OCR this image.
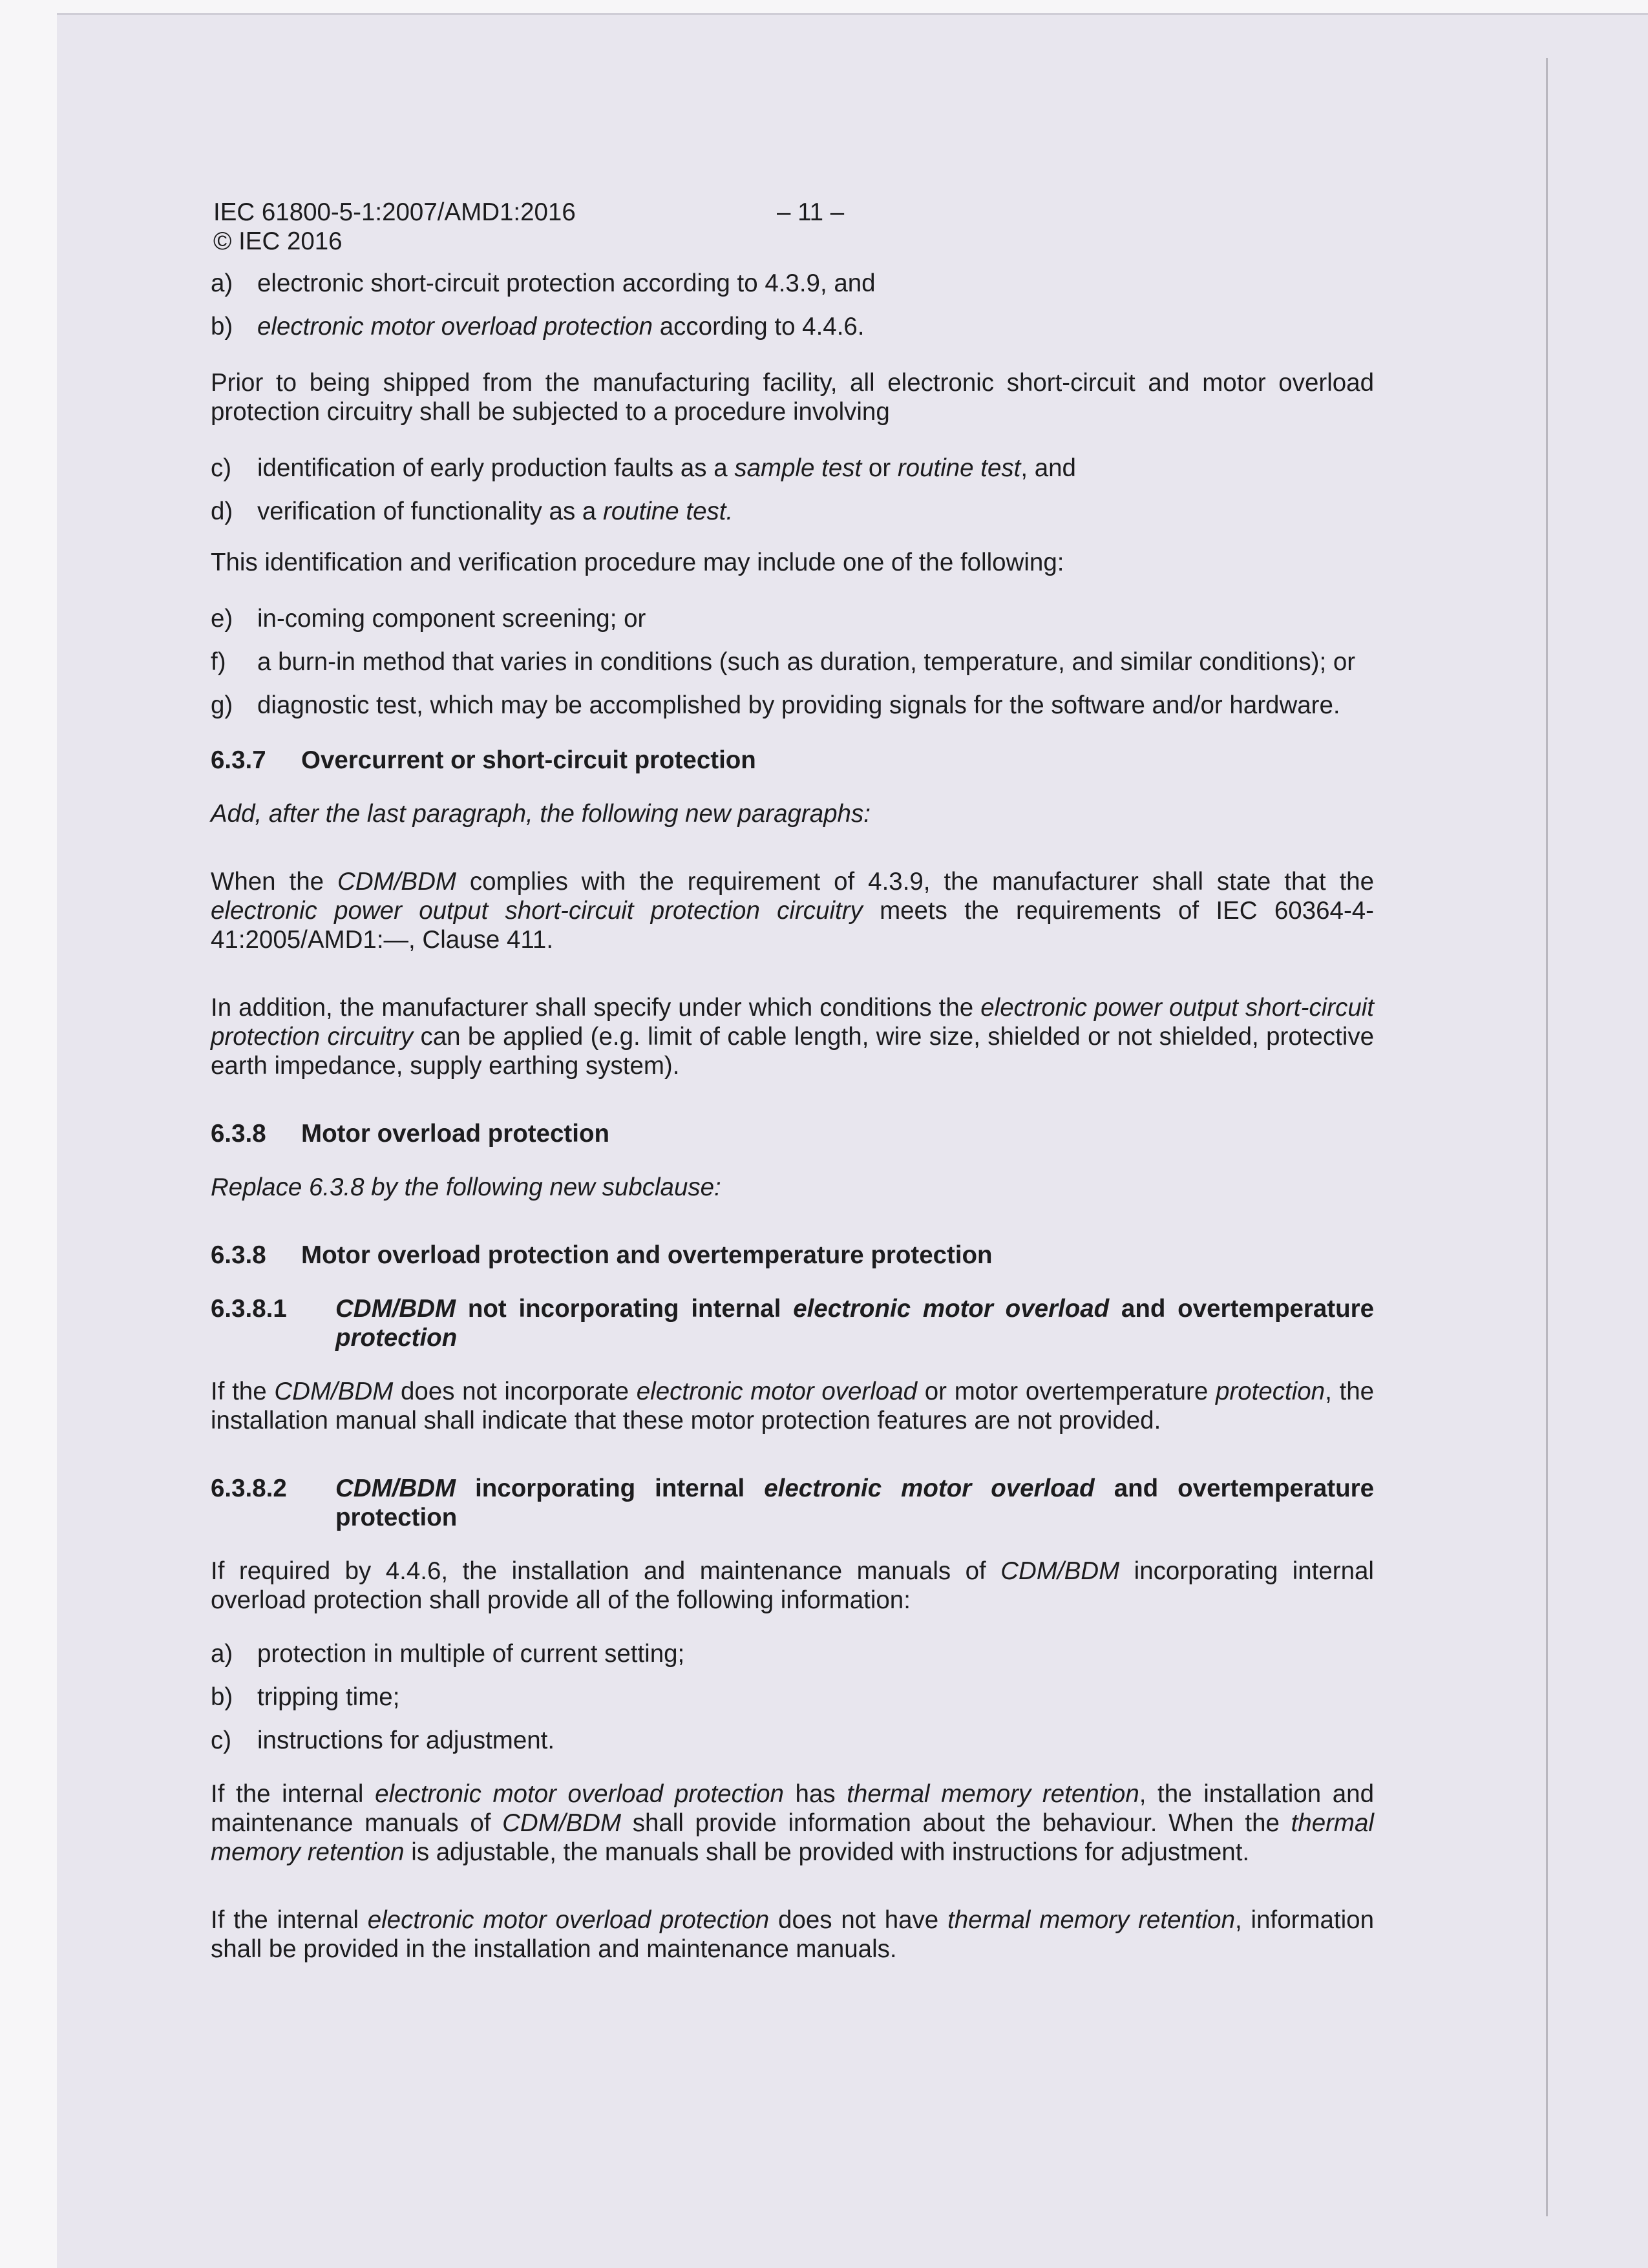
IEC 61800-5-1:2007/AMD1:2016	– 11 –
© IEC 2016
a) electronic short-circuit protection according to 4.3.9, and
b) electronic motor overload protection according to 4.4.6.
Prior to being shipped from the manufacturing facility, all electronic short-circuit and motor overload protection circuitry shall be subjected to a procedure involving
c)	identification of early production faults as a sample test or routine test, and
d) verification of functionality as a routine test.
This identification and verification procedure may include one of the following:
e) in-coming component screening; or
f)	a burn-in method that varies in conditions (such as duration, temperature, and similar conditions); or
g) diagnostic test, which may be accomplished by providing signals for the software and/or hardware.
6.3.7	Overcurrent or short-circuit protection
Add, after the last paragraph, the following new paragraphs:
When the CDM/BDM complies with the requirement of 4.3.9, the manufacturer shall state that the electronic power output short-circuit protection circuitry meets the requirements of IEC 60364-4-41:2005/AMD1:—, Clause 411.
In addition, the manufacturer shall specify under which conditions the electronic power output short-circuit protection circuitry can be applied (e.g. limit of cable length, wire size, shielded or not shielded, protective earth impedance, supply earthing system).
6.3.8	Motor overload protection
Replace 6.3.8 by the following new subclause:
6.3.8	Motor overload protection and overtemperature protection
6.3.8.1	CDM/BDM not incorporating internal electronic motor overload and overtemperature protection
If the CDM/BDM does not incorporate electronic motor overload or motor overtemperature protection, the installation manual shall indicate that these motor protection features are not provided.
6.3.8.2	CDM/BDM incorporating internal electronic motor overload and overtemperature protection
If required by 4.4.6, the installation and maintenance manuals of CDM/BDM incorporating internal overload protection shall provide all of the following information:
a) protection in multiple of current setting;
b) tripping time;
c)	instructions for adjustment.
If the internal electronic motor overload protection has thermal memory retention, the installation and maintenance manuals of CDM/BDM shall provide information about the behaviour. When the thermal memory retention is adjustable, the manuals shall be provided with instructions for adjustment.
If the internal electronic motor overload protection does not have thermal memory retention, information shall be provided in the installation and maintenance manuals.
